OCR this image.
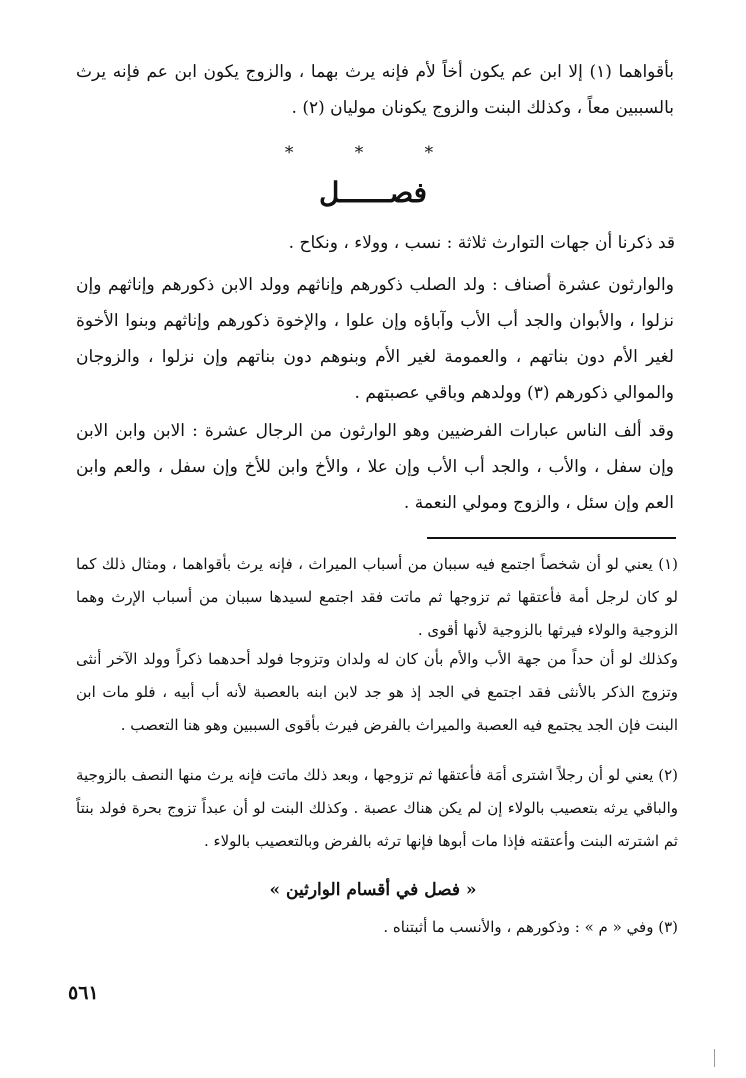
بأقواهما (١) إلا ابن عم يكون أخاً لأم فإنه يرث بهما ، والزوج يكون ابن عم فإنه يرث بالسببين معاً ، وكذلك البنت والزوج يكونان موليان (٢) .
* * *
فصــــــل
قد ذكرنا أن جهات التوارث ثلاثة : نسب ، وولاء ، ونكاح .
والوارثون عشرة أصناف : ولد الصلب ذكورهم وإناثهم وولد الابن ذكورهم وإناثهم وإن نزلوا ، والأبوان والجد أب الأب وآباؤه وإن علوا ، والإخوة ذكورهم وإناثهم وبنوا الأخوة لغير الأم دون بناتهم ، والعمومة لغير الأم وبنوهم دون بناتهم وإن نزلوا ، والزوجان والموالي ذكورهم (٣) وولدهم وباقي عصبتهم .
وقد ألف الناس عبارات الفرضيين وهو الوارثون من الرجال عشرة : الابن وابن الابن وإن سفل ، والأب ، والجد أب الأب وإن علا ، والأخ وابن للأخ وإن سفل ، والعم وابن العم وإن سئل ، والزوج ومولي النعمة .
(١) يعني لو أن شخصاً اجتمع فيه سببان من أسباب الميراث ، فإنه يرث بأقواهما ، ومثال ذلك كما لو كان لرجل أمة فأعتقها ثم تزوجها ثم ماتت فقد اجتمع لسيدها سببان من أسباب الإرث وهما الزوجية والولاء فيرثها بالزوجية لأنها أقوى .
وكذلك لو أن حداً من جهة الأب والأم بأن كان له ولدان وتزوجا فولد أحدهما ذكراً وولد الآخر أنثى وتزوج الذكر بالأنثى فقد اجتمع في الجد إذ هو جد لابن ابنه بالعصبة لأنه أب أبيه ، فلو مات ابن البنت فإن الجد يجتمع فيه العصبة والميراث بالفرض فيرث بأقوى السببين وهو هنا التعصب .
(٢) يعني لو أن رجلاً اشترى أمَة فأعتقها ثم تزوجها ، وبعد ذلك ماتت فإنه يرث منها النصف بالزوجية والباقي يرثه بتعصيب بالولاء إن لم يكن هناك عصبة . وكذلك البنت لو أن عبداً تزوج بحرة فولد بنتاً ثم اشترته البنت وأعتقته فإذا مات أبوها فإنها ترثه بالفرض وبالتعصيب بالولاء .
« فصل في أقسام الوارثين »
(٣) وفي « م » : وذكورهم ، والأنسب ما أثبتناه .
٥٦١
